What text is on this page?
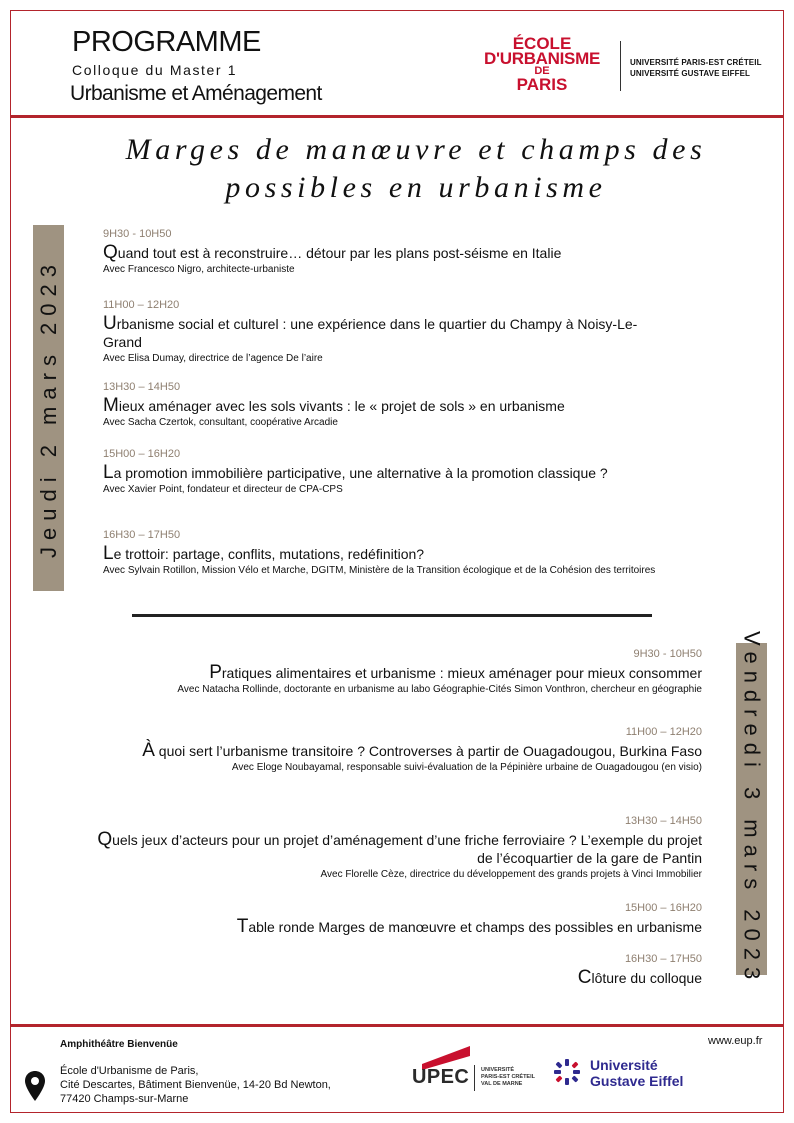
PROGRAMME
Colloque du Master 1
Urbanisme et Aménagement
ÉCOLE
D'URBANISME
DE
PARIS
UNIVERSITÉ PARIS-EST CRÉTEIL
UNIVERSITÉ GUSTAVE EIFFEL
Marges de manœuvre et champs des
possibles en urbanisme
Jeudi 2 mars 2023
9H30 - 10H50
Quand tout est à reconstruire… détour par les plans post-séisme en Italie
Avec Francesco Nigro, architecte-urbaniste
11H00 – 12H20
Urbanisme social et culturel : une expérience dans le quartier du Champy à Noisy-Le-Grand
Avec Elisa Dumay, directrice de l’agence De l’aire
13H30 – 14H50
Mieux aménager avec les sols vivants : le « projet de sols » en urbanisme
Avec Sacha Czertok, consultant, coopérative Arcadie
15H00 – 16H20
La promotion immobilière participative, une alternative à la promotion classique ?
Avec Xavier Point, fondateur et directeur de CPA-CPS
16H30 – 17H50
Le trottoir: partage, conflits, mutations, redéfinition?
Avec Sylvain Rotillon, Mission Vélo et Marche, DGITM, Ministère de la Transition écologique et de la Cohésion des territoires
Vendredi 3 mars 2023
9H30 - 10H50
Pratiques alimentaires et urbanisme : mieux aménager pour mieux consommer
Avec Natacha Rollinde, doctorante en urbanisme au labo Géographie-Cités Simon Vonthron, chercheur en géographie
11H00 – 12H20
À quoi sert l’urbanisme transitoire ? Controverses à partir de Ouagadougou, Burkina Faso
Avec Eloge Noubayamal, responsable suivi-évaluation de la Pépinière urbaine de Ouagadougou (en visio)
13H30 – 14H50
Quels jeux d’acteurs pour un projet d’aménagement d’une friche ferroviaire ? L’exemple du projet de l’écoquartier de la gare de Pantin
Avec Florelle Cèze, directrice du développement des grands projets à Vinci Immobilier
15H00 – 16H20
Table ronde Marges de manœuvre et champs des possibles en urbanisme
16H30 – 17H50
Clôture du colloque
Amphithéâtre Bienvenüe
École d'Urbanisme de Paris,
Cité Descartes, Bâtiment Bienvenüe, 14-20 Bd Newton,
77420 Champs-sur-Marne
www.eup.fr
UPEC UNIVERSITÉ
PARIS-EST CRÉTEIL
VAL DE MARNE
Université
Gustave Eiffel
